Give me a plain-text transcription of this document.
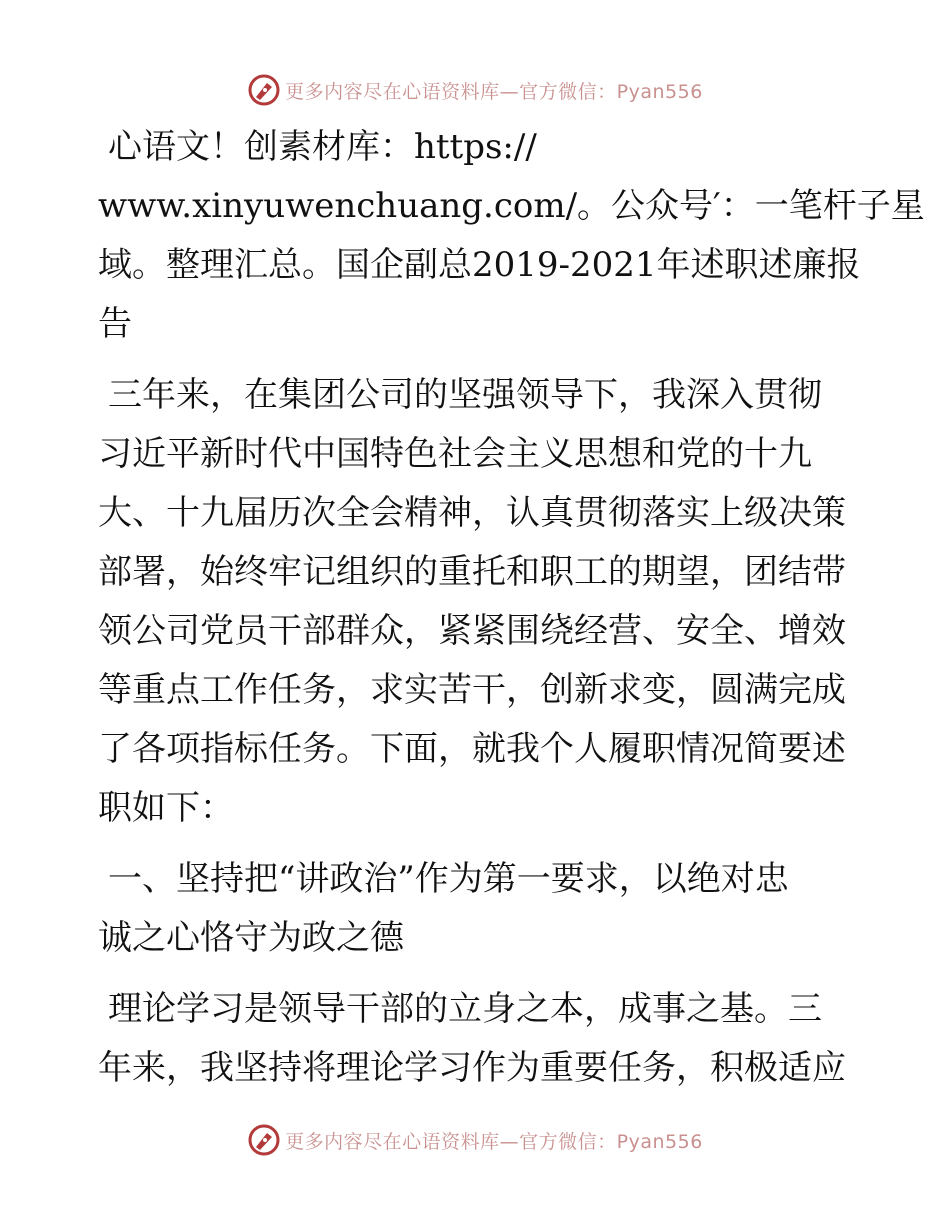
更多内容尽在心语资料库—官方微信：Pyan556
心语文！创素材库：https://
www.xinyuwenchuang.com/。公众号′：一笔杆子星
域。整理汇总。国企副总2019-2021年述职述廉报
告
三年来，在集团公司的坚强领导下，我深入贯彻
习近平新时代中国特色社会主义思想和党的十九
大、十九届历次全会精神，认真贯彻落实上级决策
部署，始终牢记组织的重托和职工的期望，团结带
领公司党员干部群众，紧紧围绕经营、安全、增效
等重点工作任务，求实苦干，创新求变，圆满完成
了各项指标任务。下面，就我个人履职情况简要述
职如下：
一、坚持把“讲政治”作为第一要求，以绝对忠
诚之心恪守为政之德
理论学习是领导干部的立身之本，成事之基。三
年来，我坚持将理论学习作为重要任务，积极适应
更多内容尽在心语资料库—官方微信：Pyan556
